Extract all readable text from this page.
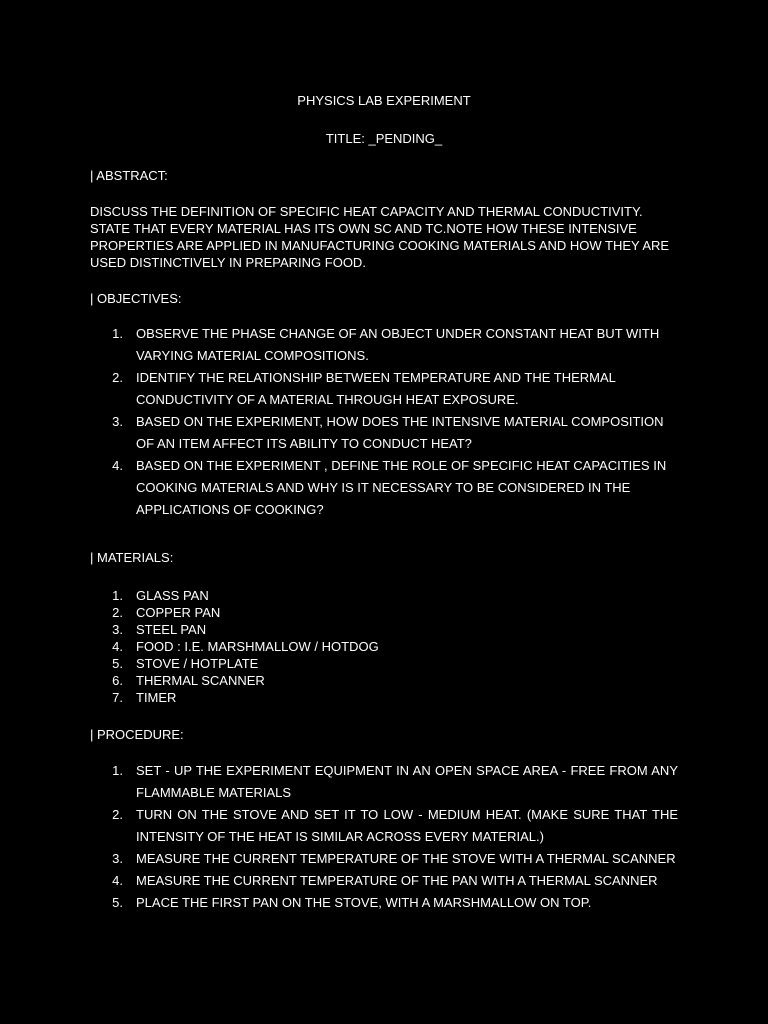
PHYSICS LAB EXPERIMENT
TITLE: _PENDING_
| ABSTRACT:
DISCUSS THE DEFINITION OF SPECIFIC HEAT CAPACITY AND THERMAL CONDUCTIVITY. STATE THAT EVERY MATERIAL HAS ITS OWN SC AND TC.NOTE HOW THESE INTENSIVE PROPERTIES ARE APPLIED IN MANUFACTURING COOKING MATERIALS AND HOW THEY ARE USED DISTINCTIVELY IN PREPARING FOOD.
| OBJECTIVES:
1. OBSERVE THE PHASE CHANGE OF AN OBJECT UNDER CONSTANT HEAT BUT WITH VARYING MATERIAL COMPOSITIONS.
2. IDENTIFY THE RELATIONSHIP BETWEEN TEMPERATURE AND THE THERMAL CONDUCTIVITY OF A MATERIAL THROUGH HEAT EXPOSURE.
3. BASED ON THE EXPERIMENT, HOW DOES THE INTENSIVE MATERIAL COMPOSITION OF AN ITEM AFFECT ITS ABILITY TO CONDUCT HEAT?
4. BASED ON THE EXPERIMENT , DEFINE THE ROLE OF SPECIFIC HEAT CAPACITIES IN COOKING MATERIALS AND WHY IS IT NECESSARY TO BE CONSIDERED IN THE APPLICATIONS OF COOKING?
| MATERIALS:
1. GLASS PAN
2. COPPER PAN
3. STEEL PAN
4. FOOD : I.E. MARSHMALLOW / HOTDOG
5. STOVE / HOTPLATE
6. THERMAL SCANNER
7. TIMER
| PROCEDURE:
1. SET - UP THE EXPERIMENT EQUIPMENT IN AN OPEN SPACE AREA - FREE FROM ANY FLAMMABLE MATERIALS
2. TURN ON THE STOVE AND SET IT TO LOW - MEDIUM HEAT. (MAKE SURE THAT THE INTENSITY OF THE HEAT IS SIMILAR ACROSS EVERY MATERIAL.)
3. MEASURE THE CURRENT TEMPERATURE OF THE STOVE WITH A THERMAL SCANNER
4. MEASURE THE CURRENT TEMPERATURE OF THE PAN WITH A THERMAL SCANNER
5. PLACE THE FIRST PAN ON THE STOVE, WITH A MARSHMALLOW ON TOP.
